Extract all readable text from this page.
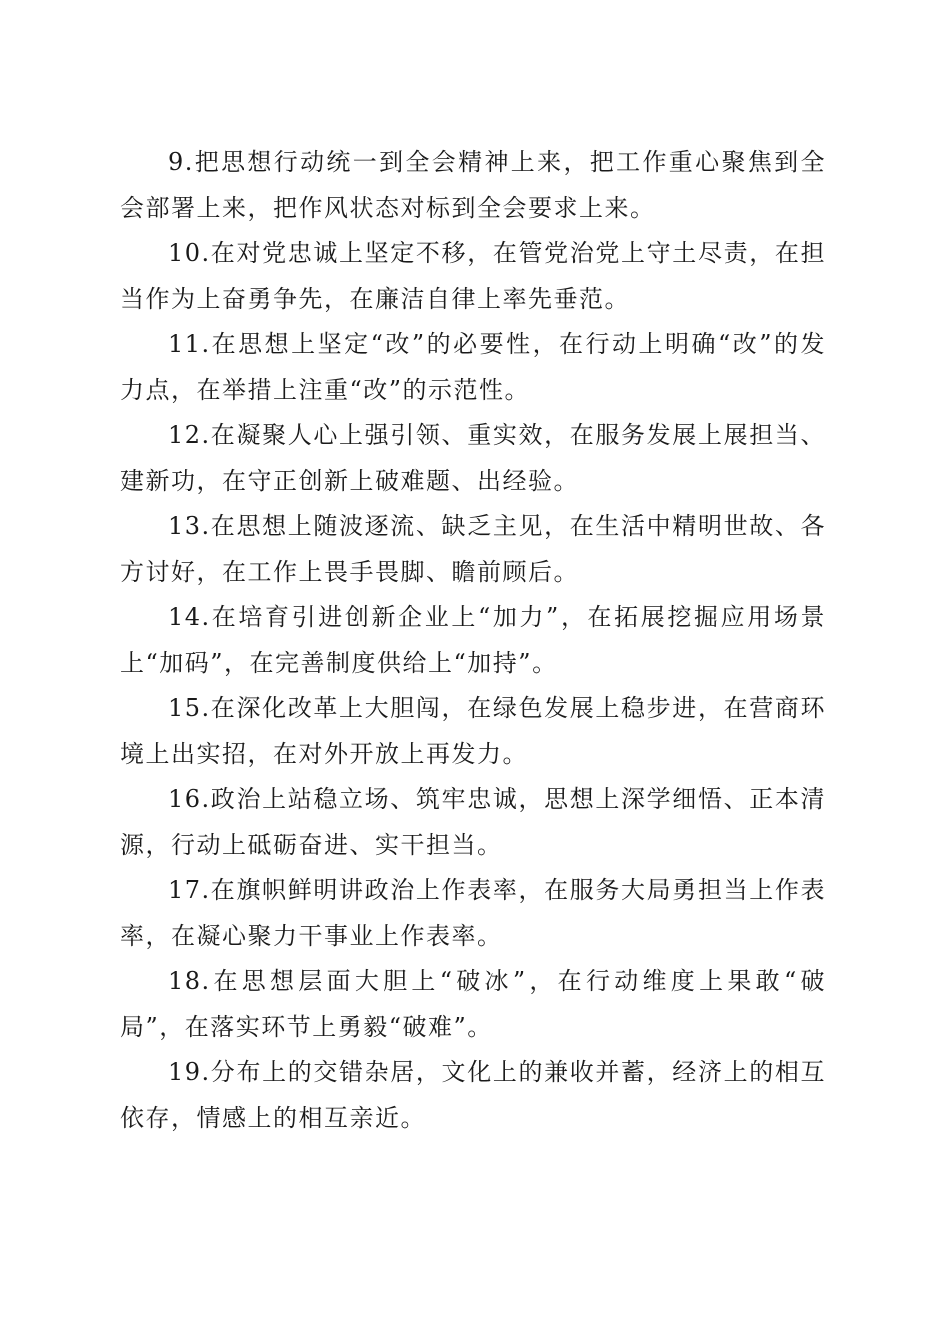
9.把思想行动统一到全会精神上来，把工作重心聚焦到全会部署上来，把作风状态对标到全会要求上来。

10.在对党忠诚上坚定不移，在管党治党上守土尽责，在担当作为上奋勇争先，在廉洁自律上率先垂范。

11.在思想上坚定“改”的必要性，在行动上明确“改”的发力点，在举措上注重“改”的示范性。

12.在凝聚人心上强引领、重实效，在服务发展上展担当、建新功，在守正创新上破难题、出经验。

13.在思想上随波逐流、缺乏主见，在生活中精明世故、各方讨好，在工作上畏手畏脚、瞻前顾后。

14.在培育引进创新企业上“加力”，在拓展挖掘应用场景上“加码”，在完善制度供给上“加持”。

15.在深化改革上大胆闯，在绿色发展上稳步进，在营商环境上出实招，在对外开放上再发力。

16.政治上站稳立场、筑牢忠诚，思想上深学细悟、正本清源，行动上砥砺奋进、实干担当。

17.在旗帜鲜明讲政治上作表率，在服务大局勇担当上作表率，在凝心聚力干事业上作表率。

18.在思想层面大胆上“破冰”，在行动维度上果敢“破局”，在落实环节上勇毅“破难”。

19.分布上的交错杂居，文化上的兼收并蓄，经济上的相互依存，情感上的相互亲近。
